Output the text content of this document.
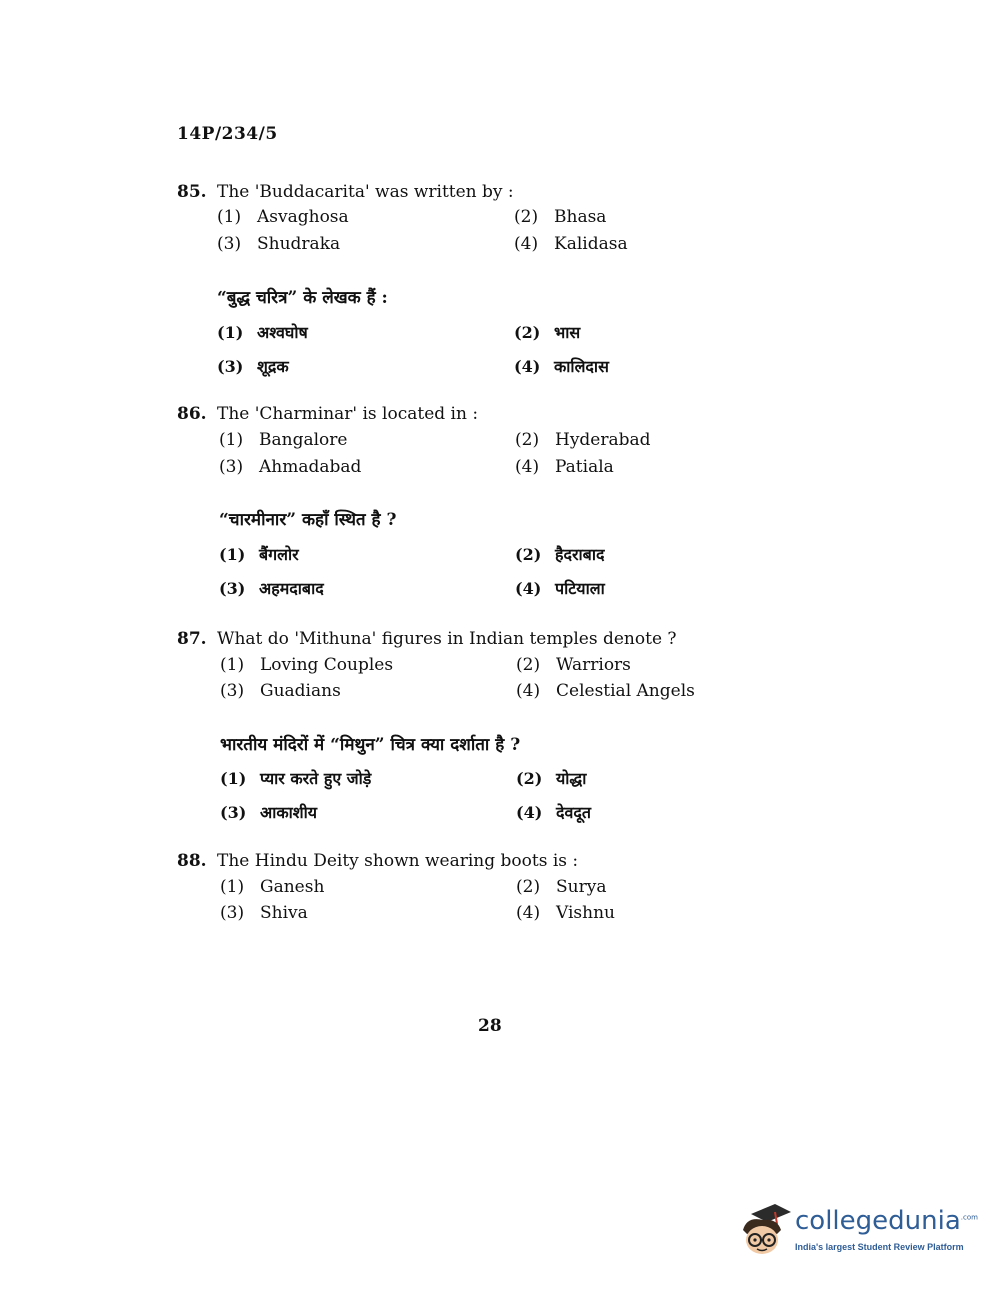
14P/234/5
85. The 'Buddacarita' was written by :
(1) Asvaghosa	(2) Bhasa
(3) Shudraka	(4) Kalidasa
“बुद्ध चरित्र” के लेखक हैं :
(1) अश्वघोष	(2) भास
(3) शूद्रक	(4) कालिदास
86. The 'Charminar' is located in :
(1) Bangalore	(2) Hyderabad
(3) Ahmadabad	(4) Patiala
“चारमीनार” कहाँ स्थित है ?
(1) बैंगलोर	(2) हैदराबाद
(3) अहमदाबाद	(4) पटियाला
87. What do 'Mithuna' figures in Indian temples denote ?
(1) Loving Couples	(2) Warriors
(3) Guadians	(4) Celestial Angels
भारतीय मंदिरों में “मिथुन” चित्र क्या दर्शाता है ?
(1) प्यार करते हुए जोड़े	(2) योद्धा
(3) आकाशीय	(4) देवदूत
88. The Hindu Deity shown wearing boots is :
(1) Ganesh	(2) Surya
(3) Shiva	(4) Vishnu
28
collegedunia$^{.com}$
India's largest Student Review Platform
